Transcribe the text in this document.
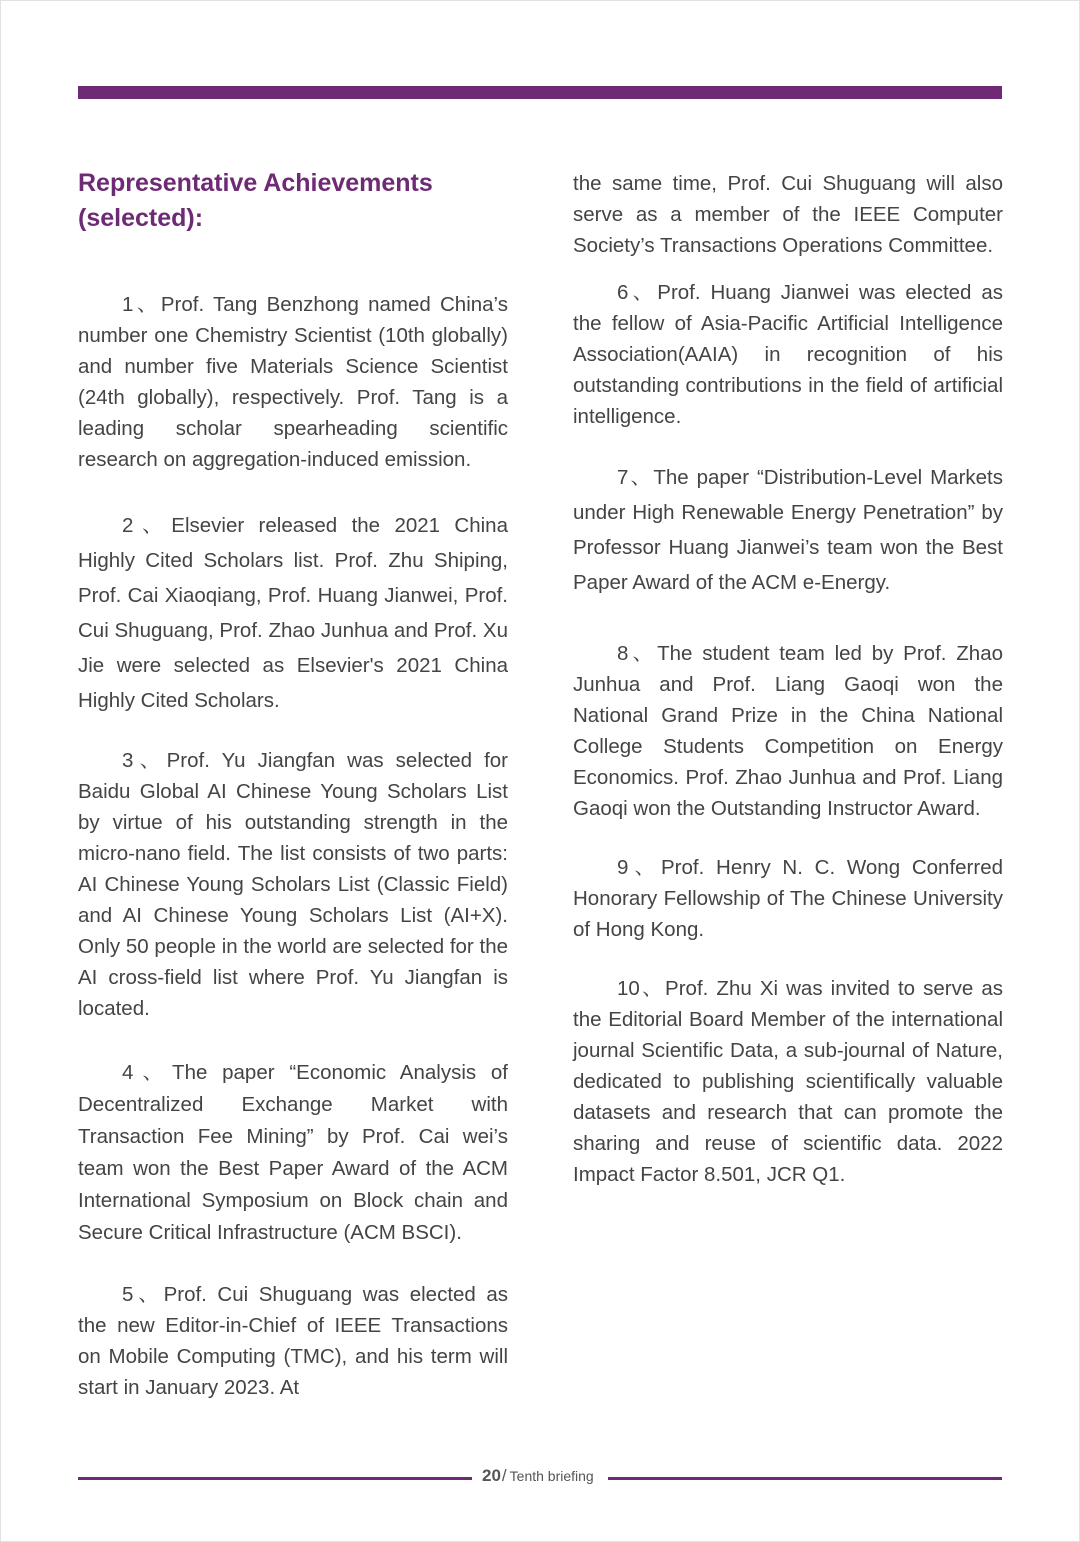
Representative Achievements (selected):

1、Prof. Tang Benzhong named China’s number one Chemistry Scientist (10th globally) and number five Materials Science Scientist (24th globally), respectively. Prof. Tang is a leading scholar spearheading scientific research on aggregation-induced emission.

2、Elsevier released the 2021 China Highly Cited Scholars list. Prof. Zhu Shiping, Prof. Cai Xiaoqiang, Prof. Huang Jianwei, Prof. Cui Shuguang, Prof. Zhao Junhua and Prof. Xu Jie were selected as Elsevier's 2021 China Highly Cited Scholars.

3、Prof. Yu Jiangfan was selected for Baidu Global AI Chinese Young Scholars List by virtue of his outstanding strength in the micro-nano field. The list consists of two parts: AI Chinese Young Scholars List (Classic Field) and AI Chinese Young Scholars List (AI+X). Only 50 people in the world are selected for the AI cross-field list where Prof. Yu Jiangfan is located.

4、The paper “Economic Analysis of Decentralized Exchange Market with Transaction Fee Mining” by Prof. Cai wei’s team won the Best Paper Award of the ACM International Symposium on Block chain and Secure Critical Infrastructure (ACM BSCI).

5、Prof. Cui Shuguang was elected as the new Editor-in-Chief of IEEE Transactions on Mobile Computing (TMC), and his term will start in January 2023. At

the same time, Prof. Cui Shuguang will also serve as a member of the IEEE Computer Society’s Transactions Operations Committee.

6、Prof. Huang Jianwei was elected as the fellow of Asia-Pacific Artificial Intelligence Association(AAIA) in recognition of his outstanding contributions in the field of artificial intelligence.

7、The paper “Distribution-Level Markets under High Renewable Energy Penetration” by Professor Huang Jianwei’s team won the Best Paper Award of the ACM e-Energy.

8、The student team led by Prof. Zhao Junhua and Prof. Liang Gaoqi won the National Grand Prize in the China National College Students Competition on Energy Economics. Prof. Zhao Junhua and Prof. Liang Gaoqi won the Outstanding Instructor Award.

9、Prof. Henry N. C. Wong Conferred Honorary Fellowship of The Chinese University of Hong Kong.

10、Prof. Zhu Xi was invited to serve as the Editorial Board Member of the international journal Scientific Data, a sub-journal of Nature, dedicated to publishing scientifically valuable datasets and research that can promote the sharing and reuse of scientific data. 2022 Impact Factor 8.501, JCR Q1.

20/ Tenth briefing
